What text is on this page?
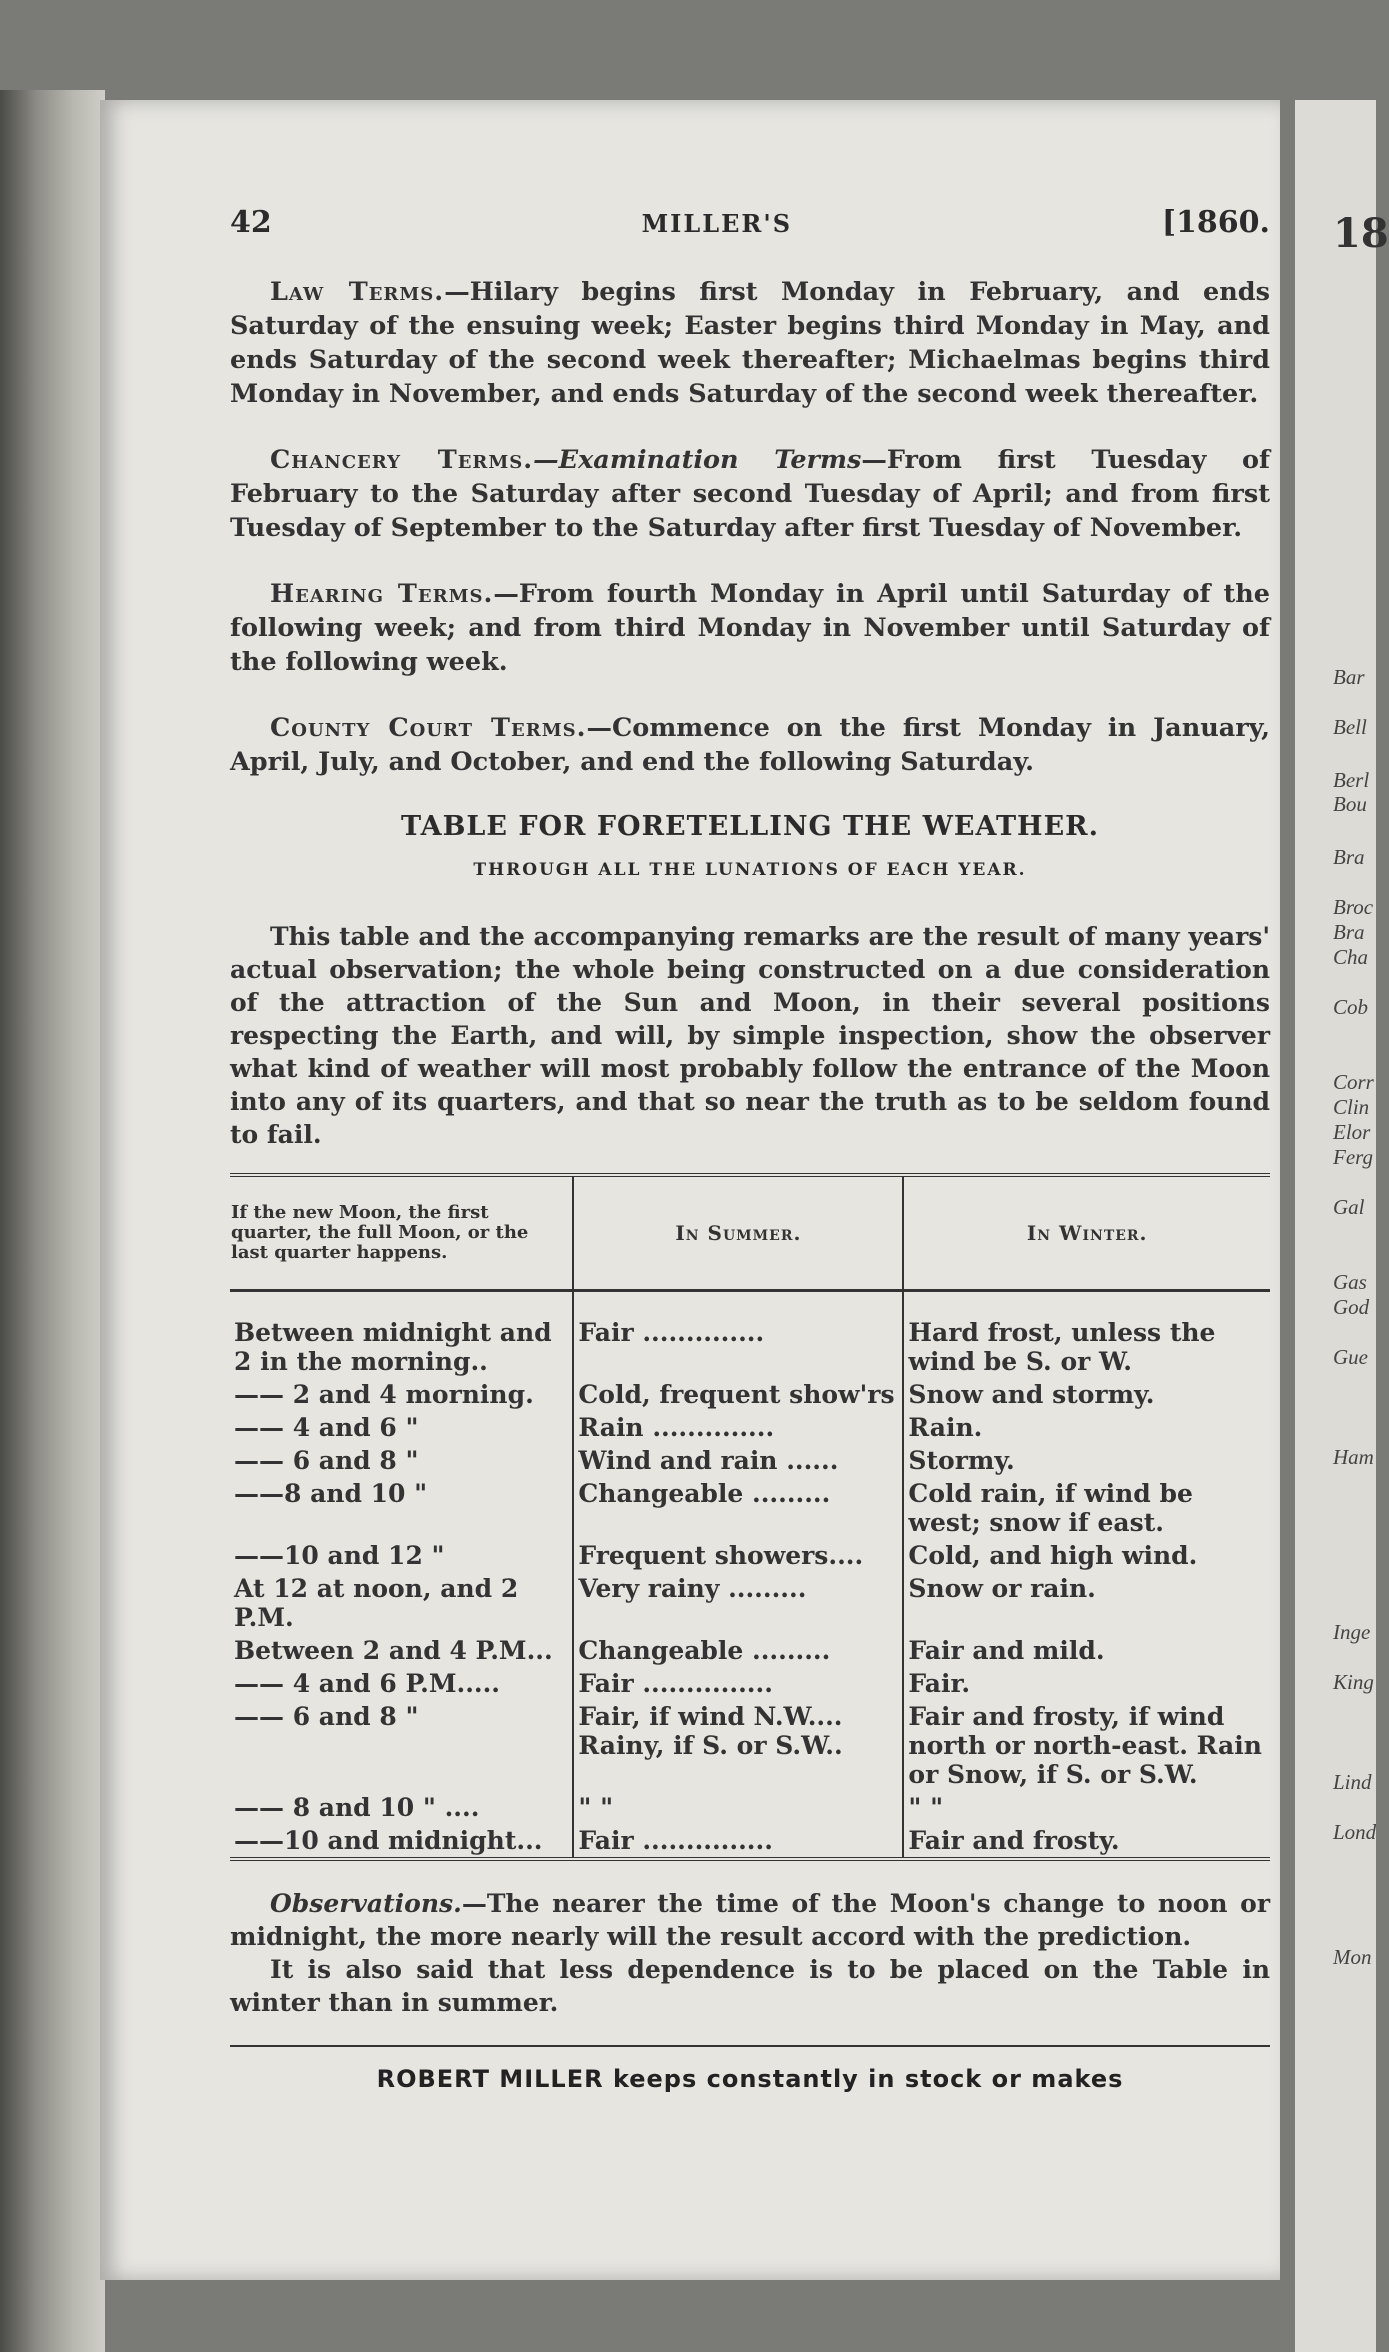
18
Bar
Bell
Berl
Bou
Bra
Broc
Bra
Cha
Cob
Corr
Clin
Elor
Ferg
Gal
Gas
God
Gue
Ham
Inge
King
Lind
Lond
Mon
42	MILLER'S	[1860.

Law Terms.—Hilary begins first Monday in February, and ends Saturday of the ensuing week; Easter begins third Monday in May, and ends Saturday of the second week thereafter; Michaelmas begins third Monday in November, and ends Saturday of the second week thereafter.

Chancery Terms.—Examination Terms—From first Tuesday of February to the Saturday after second Tuesday of April; and from first Tuesday of September to the Saturday after first Tuesday of November.

Hearing Terms.—From fourth Monday in April until Saturday of the following week; and from third Monday in November until Saturday of the following week.

County Court Terms.—Commence on the first Monday in January, April, July, and October, and end the following Saturday.

TABLE FOR FORETELLING THE WEATHER.
THROUGH ALL THE LUNATIONS OF EACH YEAR.

This table and the accompanying remarks are the result of many years' actual observation; the whole being constructed on a due consideration of the attraction of the Sun and Moon, in their several positions respecting the Earth, and will, by simple inspection, show the observer what kind of weather will most probably follow the entrance of the Moon into any of its quarters, and that so near the truth as to be seldom found to fail.

If the new Moon, the first quarter, the full Moon, or the last quarter happens.	In Summer.	In Winter.
Between midnight and 2 in the morning..	Fair ..............	Hard frost, unless the wind be S. or W.
—— 2 and 4 morning.	Cold, frequent show'rs	Snow and stormy.
—— 4 and 6 "	Rain ..............	Rain.
—— 6 and 8 "	Wind and rain ......	Stormy.
——8 and 10 "	Changeable .........	Cold rain, if wind be west; snow if east.
——10 and 12 "	Frequent showers....	Cold, and high wind.
At 12 at noon, and 2 P.M.	Very rainy .........	Snow or rain.
Between 2 and 4 P.M...	Changeable .........	Fair and mild.
—— 4 and 6 P.M.....	Fair ...............	Fair.
—— 6 and 8 "	Fair, if wind N.W.... Rainy, if S. or S.W..	Fair and frosty, if wind north or north-east. Rain or Snow, if S. or S.W.
—— 8 and 10 " ....	" "	" "
——10 and midnight...	Fair ...............	Fair and frosty.

Observations.—The nearer the time of the Moon's change to noon or midnight, the more nearly will the result accord with the prediction.

It is also said that less dependence is to be placed on the Table in winter than in summer.

ROBERT MILLER keeps constantly in stock or makes
